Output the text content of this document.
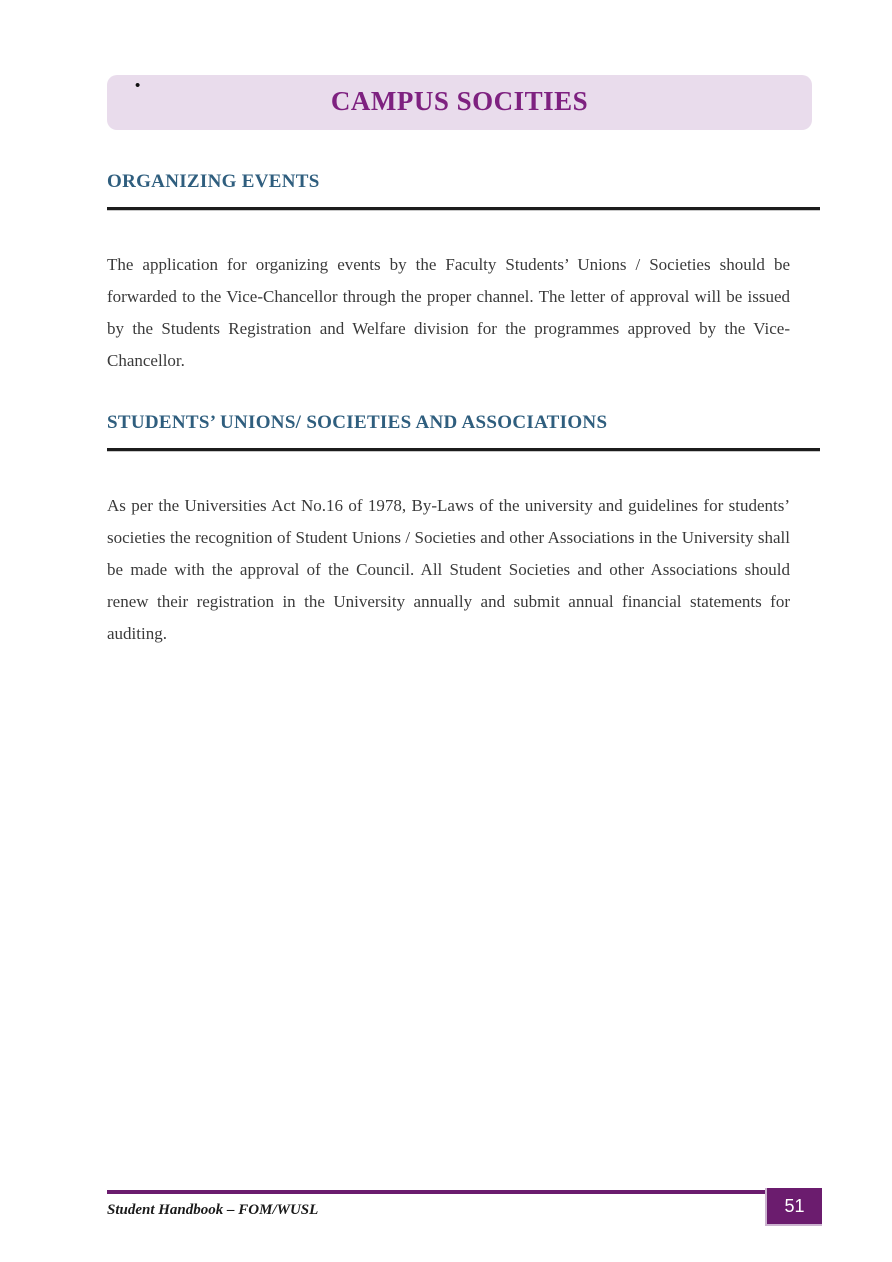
•
CAMPUS SOCITIES
ORGANIZING EVENTS

The application for organizing events by the Faculty Students’ Unions / Societies should be forwarded to the Vice-Chancellor through the proper channel. The letter of approval will be issued by the Students Registration and Welfare division for the programmes approved by the Vice-Chancellor.

STUDENTS’ UNIONS/ SOCIETIES AND ASSOCIATIONS

As per the Universities Act No.16 of 1978, By-Laws of the university and guidelines for students’ societies the recognition of Student Unions / Societies and other Associations in the University shall be made with the approval of the Council. All Student Societies and other Associations should renew their registration in the University annually and submit annual financial statements for auditing.

Student Handbook – FOM/WUSL	51
